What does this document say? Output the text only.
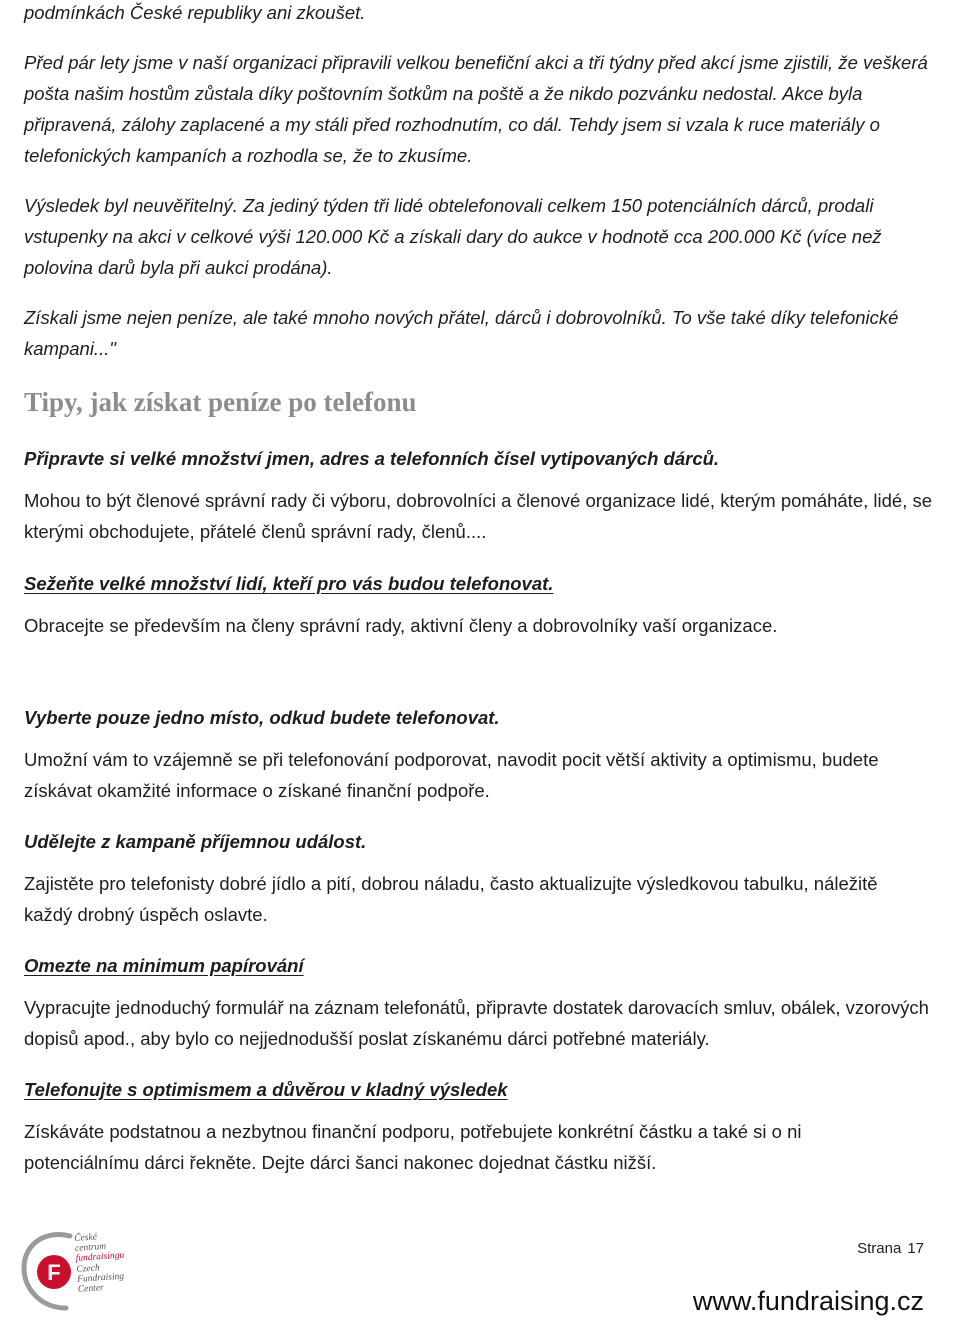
podmínkách České republiky ani zkoušet.

Před pár lety jsme v naší organizaci připravili velkou benefiční akci a tři týdny před akcí jsme zjistili, že veškerá pošta našim hostům zůstala díky poštovním šotkům na poště a že nikdo pozvánku nedostal. Akce byla připravená, zálohy zaplacené a my stáli před rozhodnutím, co dál. Tehdy jsem si vzala k ruce materiály o telefonických kampaních a rozhodla se, že to zkusíme.

Výsledek byl neuvěřitelný. Za jediný týden tři lidé obtelefonovali celkem 150 potenciálních dárců, prodali vstupenky na akci v celkové výši 120.000 Kč a získali dary do aukce v hodnotě cca 200.000 Kč (více než polovina darů byla při aukci prodána).

Získali jsme nejen peníze, ale také mnoho nových přátel, dárců i dobrovolníků. To vše také díky telefonické kampani..."

Tipy, jak získat peníze po telefonu

Připravte si velké množství jmen, adres a telefonních čísel vytipovaných dárců.

Mohou to být členové správní rady či výboru, dobrovolníci a členové organizace lidé, kterým pomáháte, lidé, se kterými obchodujete, přátelé členů správní rady, členů....

Sežeňte velké množství lidí, kteří pro vás budou telefonovat.

Obracejte se především na členy správní rady, aktivní členy a dobrovolníky vaší organizace.

Vyberte pouze jedno místo, odkud budete telefonovat.

Umožní vám to vzájemně se při telefonování podporovat, navodit pocit větší aktivity a optimismu, budete získávat okamžité informace o získané finanční podpoře.

Udělejte z kampaně příjemnou událost.

Zajistěte pro telefonisty dobré jídlo a pití, dobrou náladu, často aktualizujte výsledkovou tabulku, náležitě každý drobný úspěch oslavte.

Omezte na minimum papírování

Vypracujte jednoduchý formulář na záznam telefonátů, připravte dostatek darovacích smluv, obálek, vzorových dopisů apod., aby bylo co nejjednodušší poslat získanému dárci potřebné materiály.

Telefonujte s optimismem a důvěrou v kladný výsledek

Získáváte podstatnou a nezbytnou finanční podporu, potřebujete konkrétní částku a také si o ni potenciálnímu dárci řekněte. Dejte dárci šanci nakonec dojednat částku nižší.

F
České
centrum
fundraisingu
Czech
Fundraising
Center
Strana 17
www.fundraising.cz
